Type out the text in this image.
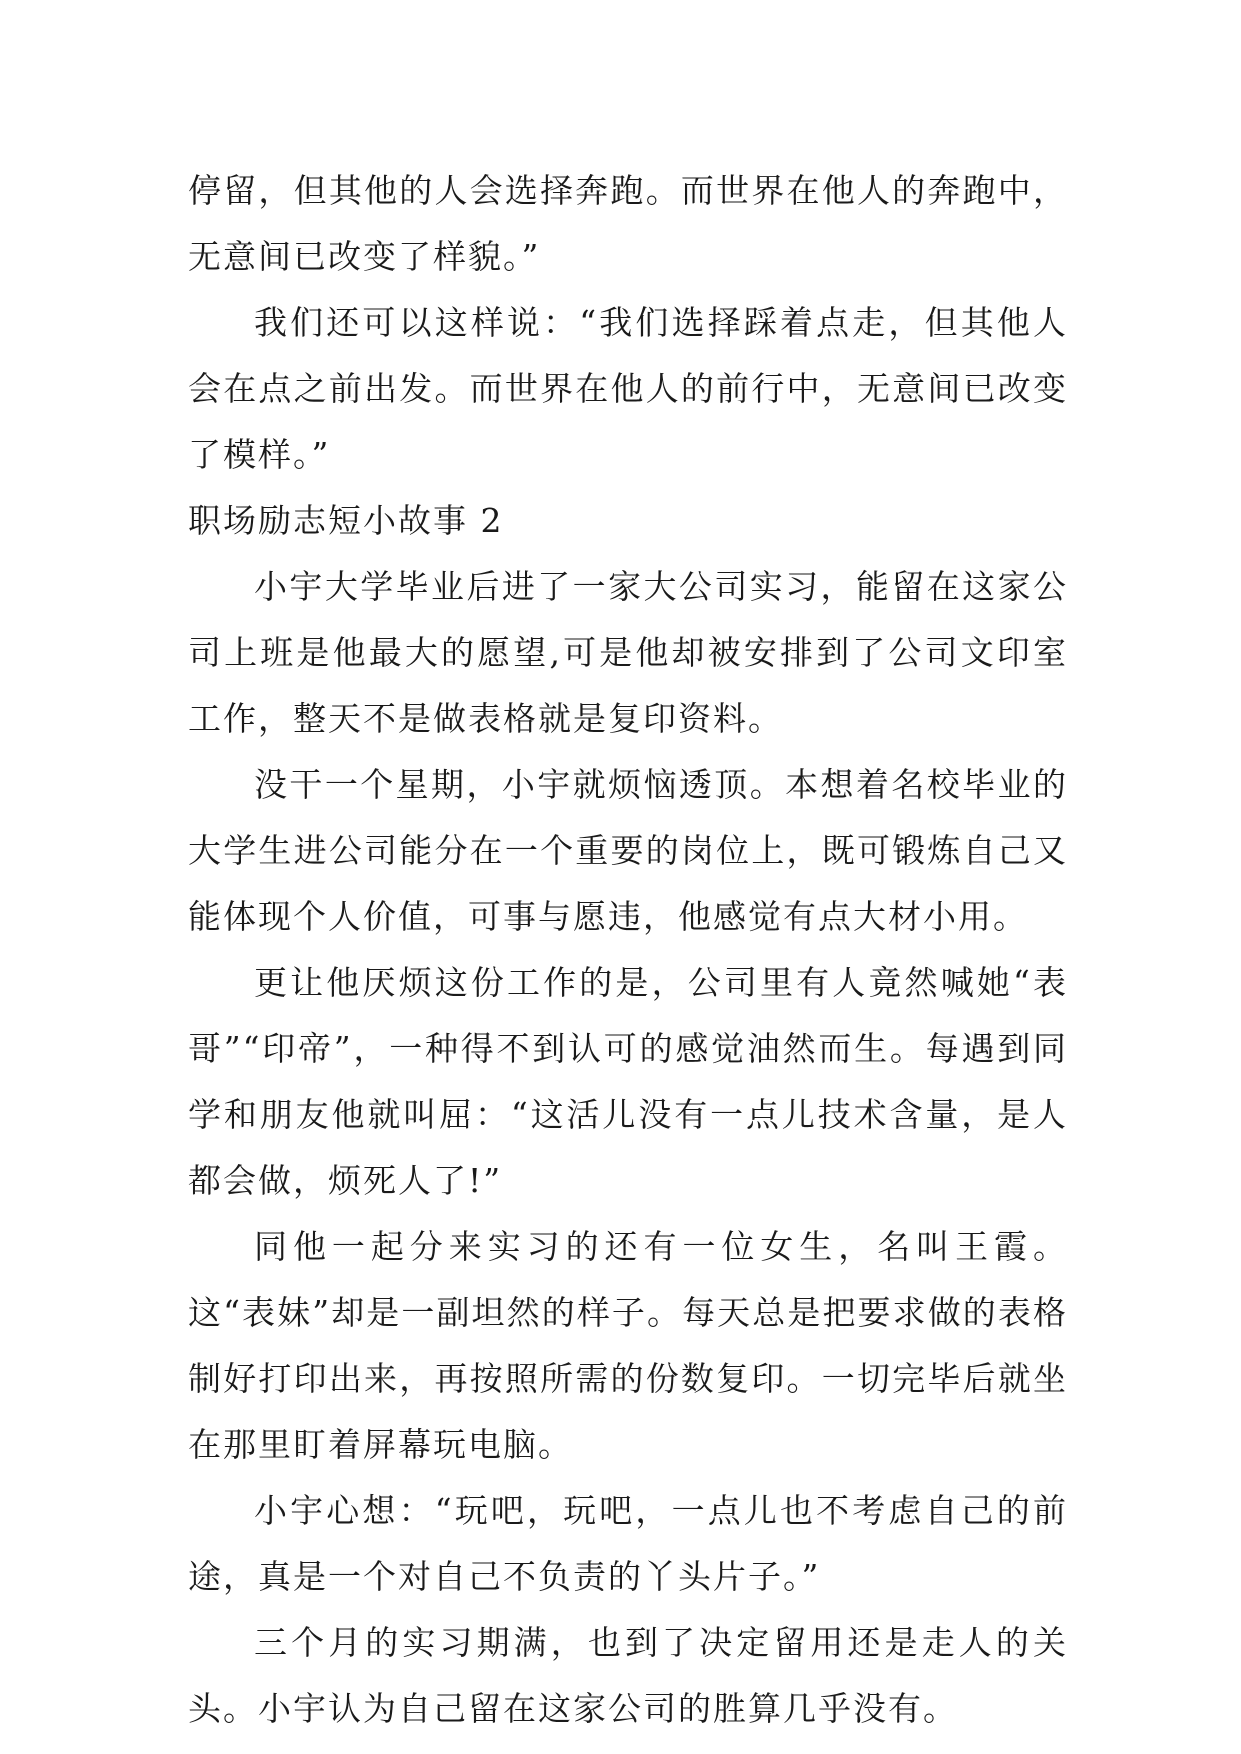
停留，但其他的人会选择奔跑。而世界在他人的奔跑中，无意间已改变了样貌。”

我们还可以这样说：“我们选择踩着点走，但其他人会在点之前出发。而世界在他人的前行中，无意间已改变了模样。”

职场励志短小故事 2

小宇大学毕业后进了一家大公司实习，能留在这家公司上班是他最大的愿望,可是他却被安排到了公司文印室工作，整天不是做表格就是复印资料。

没干一个星期，小宇就烦恼透顶。本想着名校毕业的大学生进公司能分在一个重要的岗位上，既可锻炼自己又能体现个人价值，可事与愿违，他感觉有点大材小用。

更让他厌烦这份工作的是，公司里有人竟然喊她“表哥”“印帝”，一种得不到认可的感觉油然而生。每遇到同学和朋友他就叫屈：“这活儿没有一点儿技术含量，是人都会做，烦死人了!”

同他一起分来实习的还有一位女生，名叫王霞。这“表妹”却是一副坦然的样子。每天总是把要求做的表格制好打印出来，再按照所需的份数复印。一切完毕后就坐在那里盯着屏幕玩电脑。

小宇心想：“玩吧，玩吧，一点儿也不考虑自己的前途，真是一个对自己不负责的丫头片子。”

三个月的实习期满，也到了决定留用还是走人的关头。小宇认为自己留在这家公司的胜算几乎没有。
